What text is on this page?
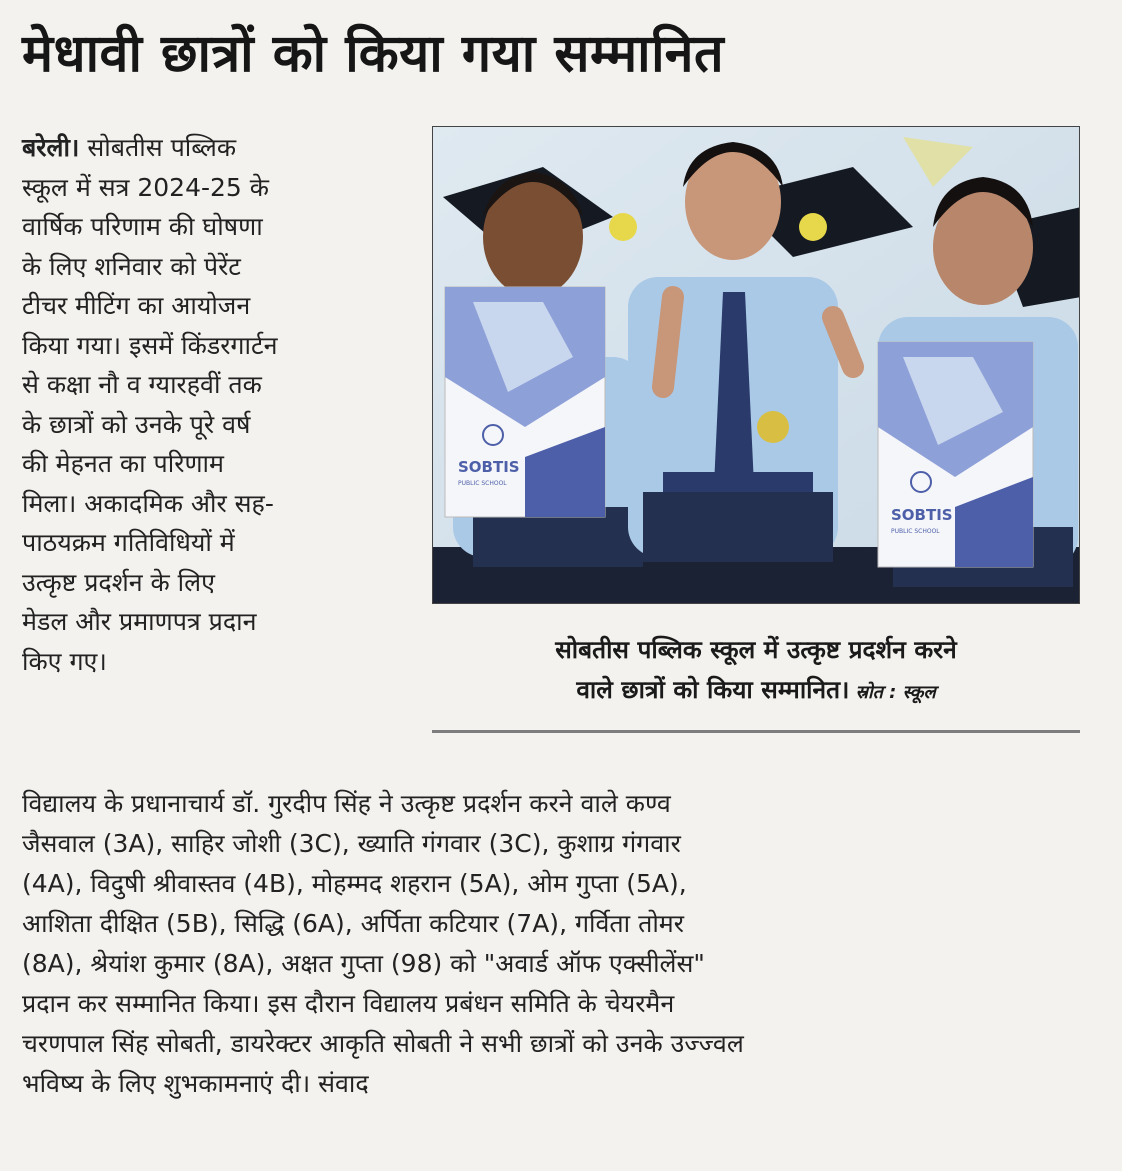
मेधावी छात्रों को किया गया सम्मानित
बरेली। सोबतीस पब्लिक
स्कूल में सत्र 2024-25 के
वार्षिक परिणाम की घोषणा
के लिए शनिवार को पेरेंट
टीचर मीटिंग का आयोजन
किया गया। इसमें किंडरगार्टन
से कक्षा नौ व ग्यारहवीं तक
के छात्रों को उनके पूरे वर्ष
की मेहनत का परिणाम
मिला। अकादमिक और सह-
पाठयक्रम गतिविधियों में
उत्कृष्ट प्रदर्शन के लिए
मेडल और प्रमाणपत्र प्रदान
किए गए।
SOBTIS
PUBLIC SCHOOL
SOBTIS
PUBLIC SCHOOL
सोबतीस पब्लिक स्कूल में उत्कृष्ट प्रदर्शन करने
वाले छात्रों को किया सम्मानित। स्रोत : स्कूल
विद्यालय के प्रधानाचार्य डॉ. गुरदीप सिंह ने उत्कृष्ट प्रदर्शन करने वाले कण्व
जैसवाल (3A), साहिर जोशी (3C), ख्याति गंगवार (3C), कुशाग्र गंगवार
(4A), विदुषी श्रीवास्तव (4B), मोहम्मद शहरान (5A), ओम गुप्ता (5A),
आशिता दीक्षित (5B), सिद्धि (6A), अर्पिता कटियार (7A), गर्विता तोमर
(8A), श्रेयांश कुमार (8A), अक्षत गुप्ता (98) को "अवार्ड ऑफ एक्सीलेंस"
प्रदान कर सम्मानित किया। इस दौरान विद्यालय प्रबंधन समिति के चेयरमैन
चरणपाल सिंह सोबती, डायरेक्टर आकृति सोबती ने सभी छात्रों को उनके उज्ज्वल
भविष्य के लिए शुभकामनाएं दी। संवाद
